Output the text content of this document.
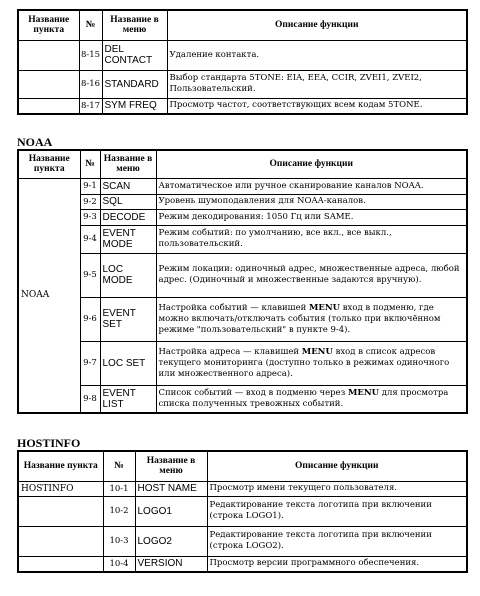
Название пункта	№	Название в меню	Описание функции
	8-15	DEL CONTACT	Удаление контакта.
	8-16	STANDARD	Выбор стандарта 5TONE: EIA, EEA, CCIR, ZVEI1, ZVEI2, Пользовательский.
	8-17	SYM FREQ	Просмотр частот, соответствующих всем кодам 5TONE.
NOAA
Название пункта	№	Название в меню	Описание функции
NOAA	9-1	SCAN	Автоматическое или ручное сканирование каналов NOAA.
	9-2	SQL	Уровень шумоподавления для NOAA-каналов.
	9-3	DECODE	Режим декодирования: 1050 Гц или SAME.
	9-4	EVENT MODE	Режим событий: по умолчанию, все вкл., все выкл., пользовательский.
	9-5	LOC MODE	Режим локации: одиночный адрес, множественные адреса, любой адрес. (Одиночный и множественные задаются вручную).
	9-6	EVENT SET	Настройка событий — клавишей MENU вход в подменю, где можно включать/отключать события (только при включённом режиме "пользовательский" в пункте 9-4).
	9-7	LOC SET	Настройка адреса — клавишей MENU вход в список адресов текущего мониторинга (доступно только в режимах одиночного или множественного адреса).
	9-8	EVENT LIST	Список событий — вход в подменю через MENU для просмотра списка полученных тревожных событий.
HOSTINFO
Название пункта	№	Название в меню	Описание функции
HOSTINFO	10-1	HOST NAME	Просмотр имени текущего пользователя.
	10-2	LOGO1	Редактирование текста логотипа при включении (строка LOGO1).
	10-3	LOGO2	Редактирование текста логотипа при включении (строка LOGO2).
	10-4	VERSION	Просмотр версии программного обеспечения.
